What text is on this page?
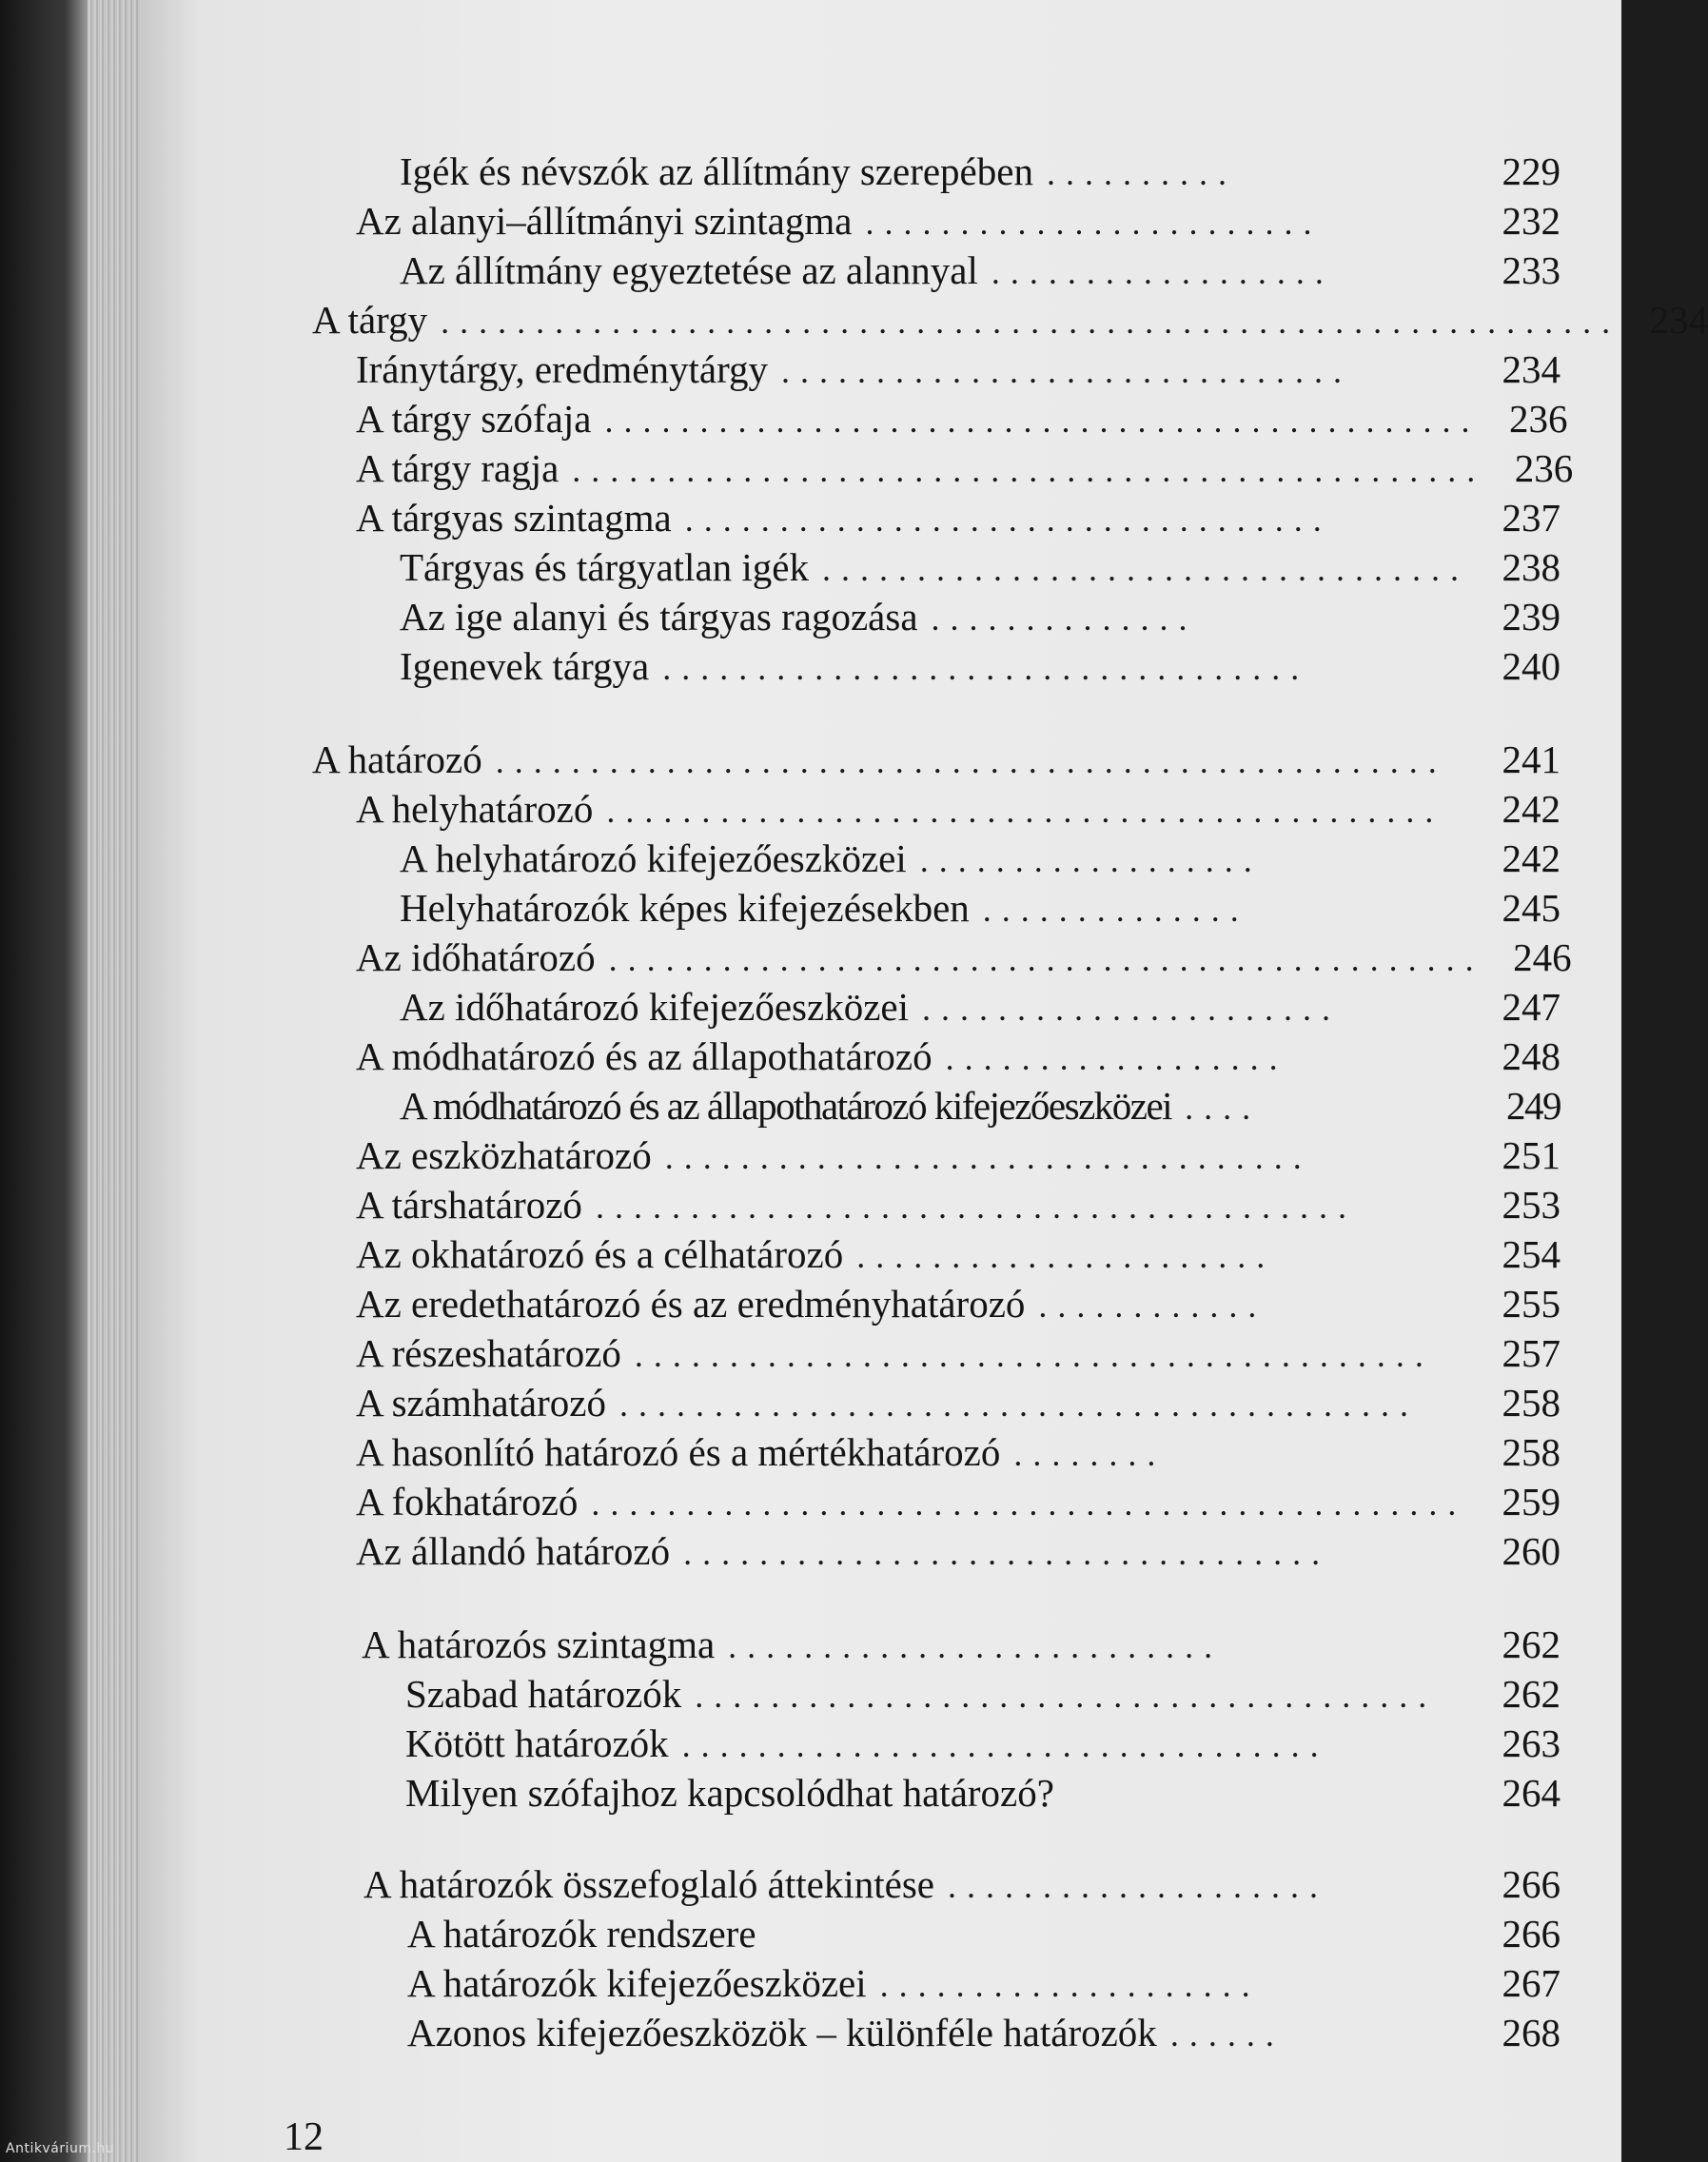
Igék és névszók az állítmány szerepében ..........	229
Az alanyi–állítmányi szintagma ........................	232
Az állítmány egyeztetése az alannyal ..................	233
A tárgy .............................................................. 234
Iránytárgy, eredménytárgy ..............................	234
A tárgy szófaja .............................................. 236
A tárgy ragja ................................................ 236
A tárgyas szintagma ..................................	237
Tárgyas és tárgyatlan igék .................................. 238
Az ige alanyi és tárgyas ragozása ..............	239
Igenevek tárgya ..................................	240
A határozó ..................................................	241
A helyhatározó ............................................	242
A helyhatározó kifejezőeszközei ..................	242
Helyhatározók képes kifejezésekben ..............	245
Az időhatározó .............................................. 246
Az időhatározó kifejezőeszközei ......................	247
A módhatározó és az állapothatározó ..................	248
A módhatározó és az állapothatározó kifejezőeszközei ....	249
Az eszközhatározó ..................................	251
A társhatározó ........................................	253
Az okhatározó és a célhatározó ......................	254
Az eredethatározó és az eredményhatározó ............	255
A részeshatározó ..........................................	257
A számhatározó ..........................................	258
A hasonlító határozó és a mértékhatározó ........	258
A fokhatározó .............................................. 259
Az állandó határozó ..................................	260
A határozós szintagma ..........................	262
Szabad határozók .......................................	262
Kötött határozók ..................................	263
Milyen szófajhoz kapcsolódhat határozó?	264
A határozók összefoglaló áttekintése ....................	266
A határozók rendszere	266
A határozók kifejezőeszközei ....................	267
Azonos kifejezőeszközök – különféle határozók ......	268
12
Antikvárium.hu
